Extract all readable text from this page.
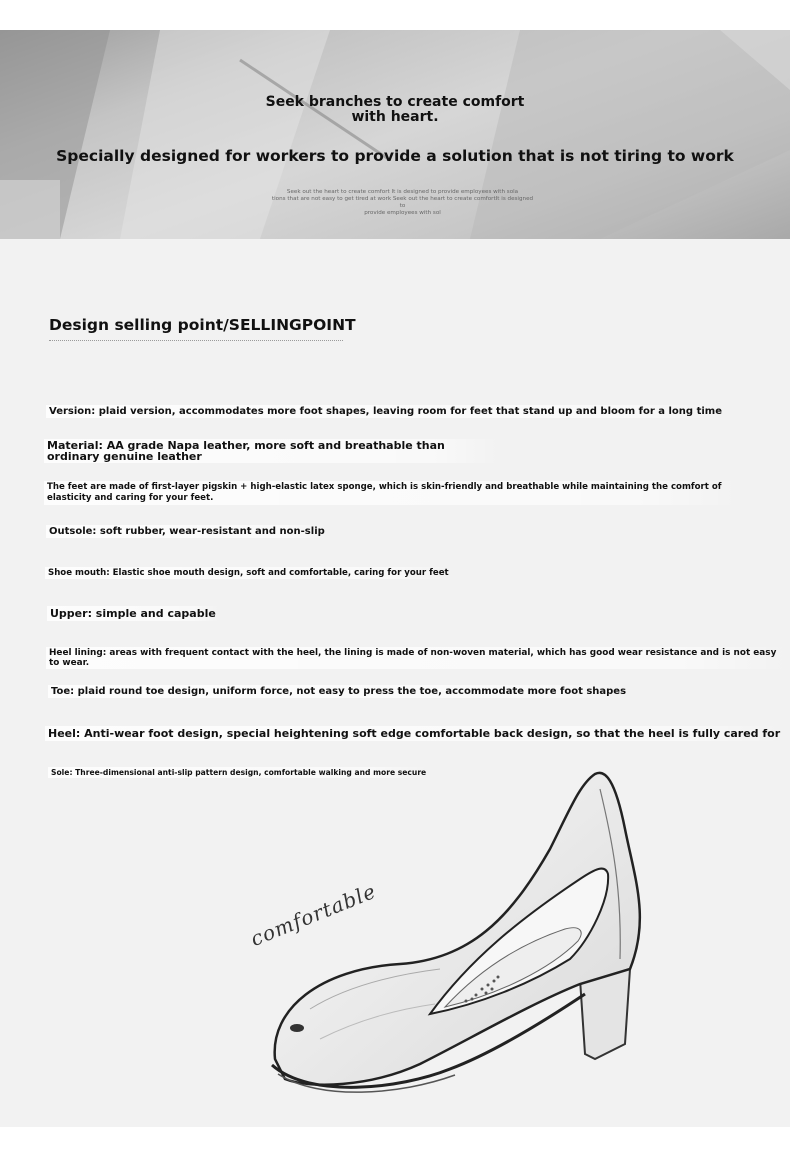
Seek branches to create comfort
with heart.
Specially designed for workers to provide a solution that is not tiring to work
Seek out the heart to create comfort It is designed to provide employees with sola
tions that are not easy to get tired at work Seek out the heart to create comfortIt is designed to
provide employees with sol
Design selling point/SELLINGPOINT
Version: plaid version, accommodates more foot shapes, leaving room for feet that stand up and bloom for a long time
Material: AA grade Napa leather, more soft and breathable than ordinary genuine leather
The feet are made of first-layer pigskin + high-elastic latex sponge, which is skin-friendly and breathable while maintaining the comfort of elasticity and caring for your feet.
Outsole: soft rubber, wear-resistant and non-slip
Shoe mouth: Elastic shoe mouth design, soft and comfortable, caring for your feet
Upper: simple and capable
Heel lining: areas with frequent contact with the heel, the lining is made of non-woven material, which has good wear resistance and is not easy to wear.
Toe: plaid round toe design, uniform force, not easy to press the toe, accommodate more foot shapes
Heel: Anti-wear foot design, special heightening soft edge comfortable back design, so that the heel is fully cared for
Sole: Three-dimensional anti-slip pattern design, comfortable walking and more secure
comfortable
